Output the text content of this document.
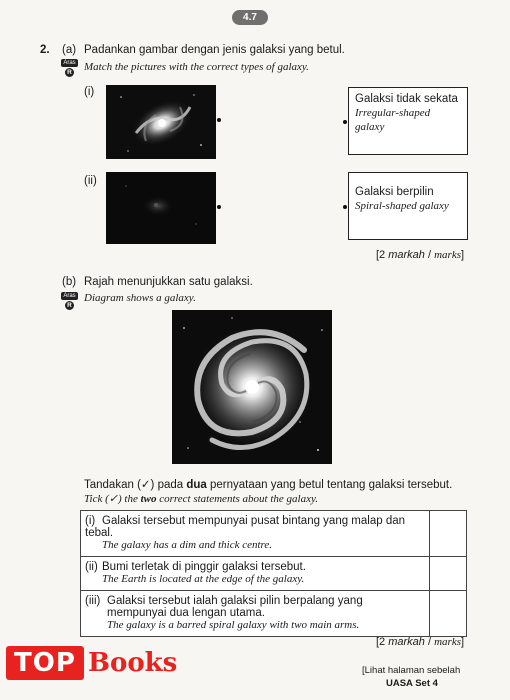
4.7
2. (a) Padankan gambar dengan jenis galaksi yang betul.
Aras
R Match the pictures with the correct types of galaxy.
(i)
(ii)
Galaksi tidak sekata
Irregular-shaped galaxy
Galaksi berpilin
Spiral-shaped galaxy
[2 markah / marks]
(b) Rajah menunjukkan satu galaksi.
Aras
R
Diagram shows a galaxy.
Tandakan (✓) pada dua pernyataan yang betul tentang galaksi tersebut.
Tick (✓) the two correct statements about the galaxy.
(i) Galaksi tersebut mempunyai pusat bintang yang malap dan tebal.
The galaxy has a dim and thick centre.	

(ii) Bumi terletak di pinggir galaksi tersebut.
The Earth is located at the edge of the galaxy.	

(iii) Galaksi tersebut ialah galaksi pilin berpalang yang mempunyai dua lengan utama.
The galaxy is a barred spiral galaxy with two main arms.	

[2 markah / marks]
[Lihat halaman sebelah
UASA Set 4
TOP Books
